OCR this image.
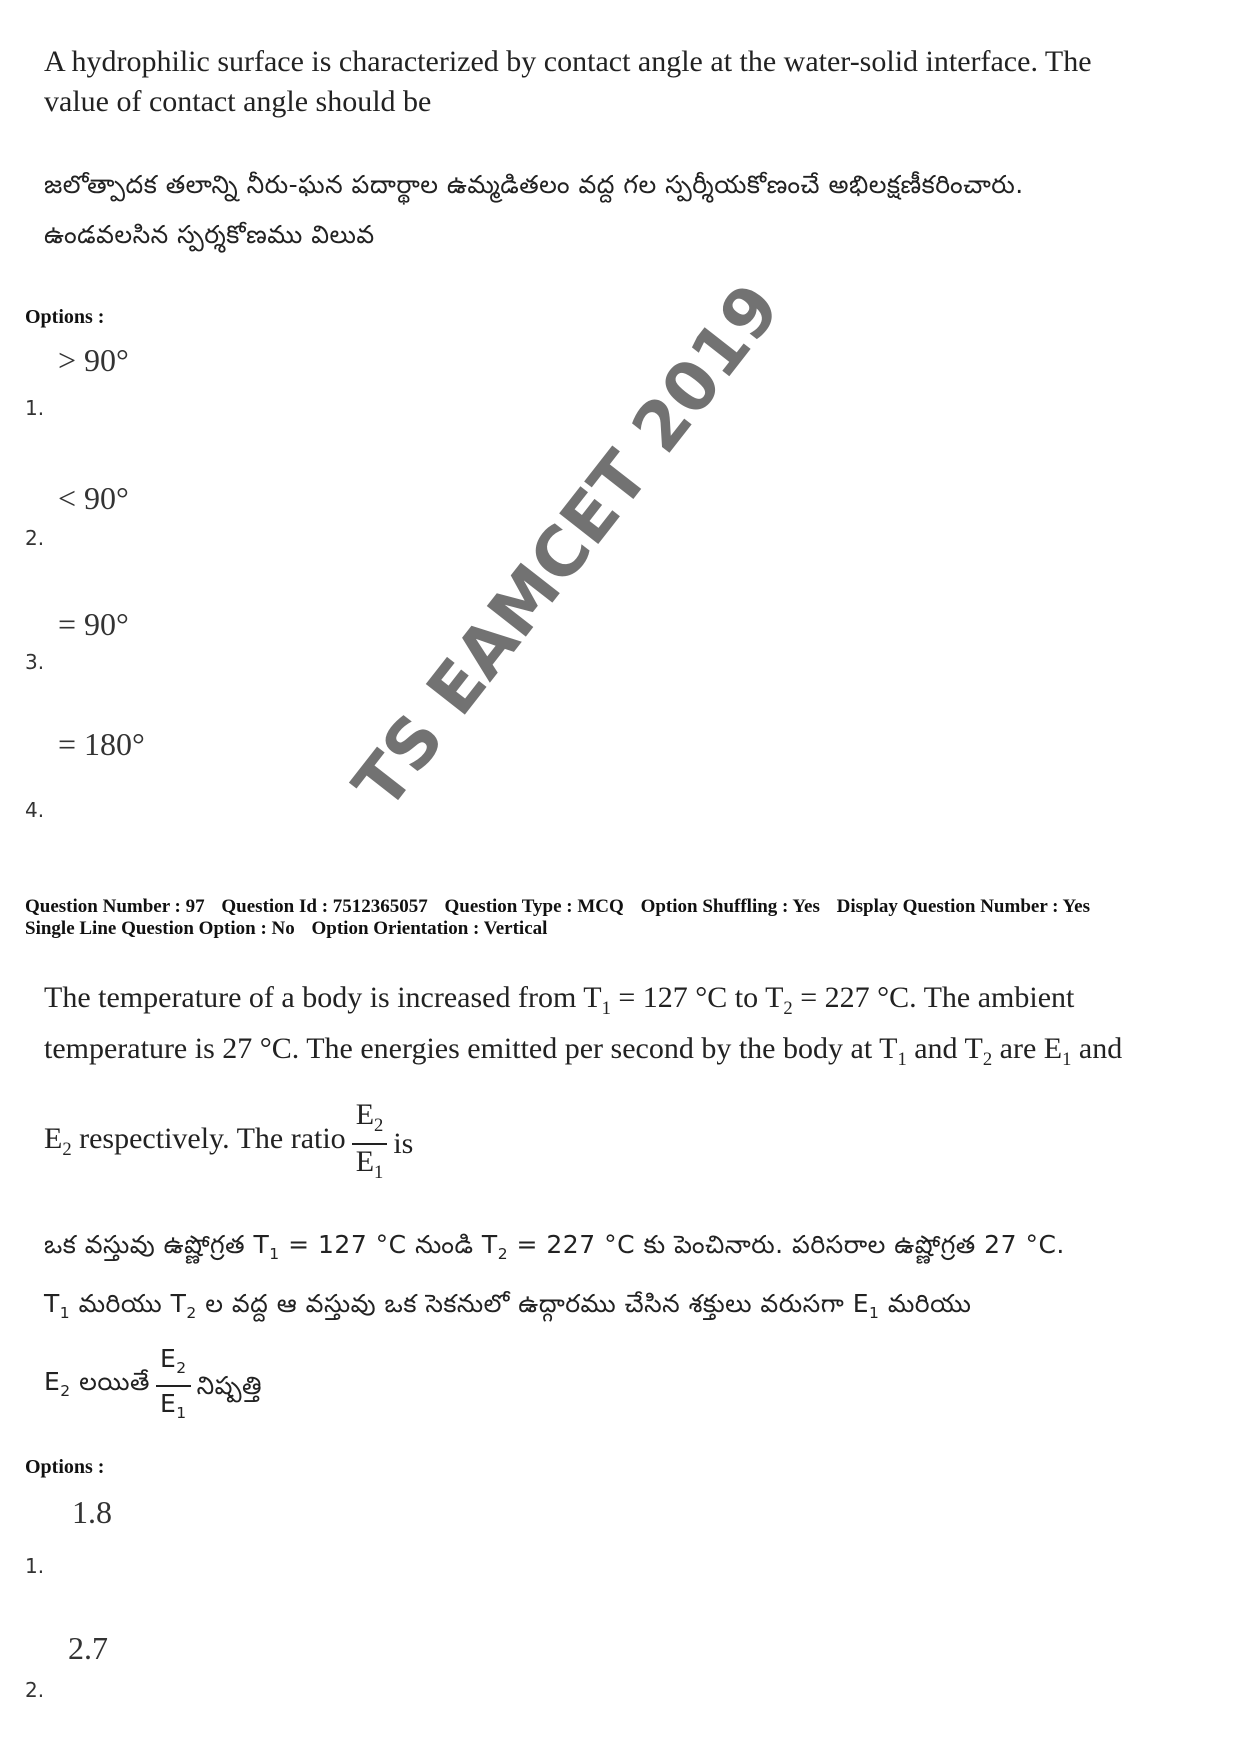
A hydrophilic surface is characterized by contact angle at the water-solid interface. The
value of contact angle should be
జలోత్పాదక తలాన్ని నీరు-ఘన పదార్థాల ఉమ్మడితలం వద్ద గల స్పర్శీయకోణంచే అభిలక్షణీకరించారు.
ఉండవలసిన స్పర్శకోణము విలువ
Options :
> 90°
1.
< 90°
2.
= 90°
3.
= 180°
4.
Question Number : 97 Question Id : 7512365057 Question Type : MCQ Option Shuffling : Yes Display Question Number : Yes
Single Line Question Option : No Option Orientation : Vertical
The temperature of a body is increased from $T_1 = 127$ °C to $T_2 = 227$ °C. The ambient
temperature is 27 °C. The energies emitted per second by the body at $T_1$ and $T_2$ are $E_1$ and
$E_2$ respectively. The ratio $\frac{E_2}{E_1}$ is
ఒక వస్తువు ఉష్ణోగ్రత $T_1 = 127$ °C నుండి $T_2 = 227$ °C కు పెంచినారు. పరిసరాల ఉష్ణోగ్రత 27 °C.
$T_1$ మరియు $T_2$ ల వద్ద ఆ వస్తువు ఒక సెకనులో ఉద్గారము చేసిన శక్తులు వరుసగా $E_1$ మరియు
$E_2$ లయితే $\frac{E_2}{E_1}$ నిష్పత్తి
Options :
1.8
1.
2.7
2.
TS EAMCET 2019
